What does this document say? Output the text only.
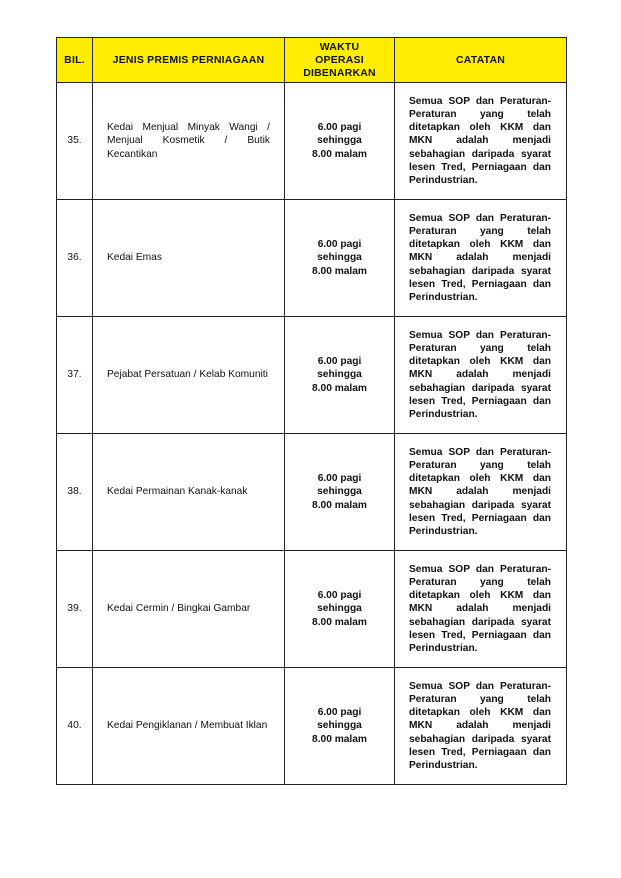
BIL.	JENIS PREMIS PERNIAGAAN	WAKTU OPERASI DIBENARKAN	CATATAN
35.	Kedai Menjual Minyak Wangi / Menjual Kosmetik / Butik Kecantikan	6.00 pagi
sehingga
8.00 malam	Semua SOP dan Peraturan-Peraturan yang telah ditetapkan oleh KKM dan MKN adalah menjadi sebahagian daripada syarat lesen Tred, Perniagaan dan Perindustrian.

36.	Kedai Emas	6.00 pagi
sehingga
8.00 malam	Semua SOP dan Peraturan-Peraturan yang telah ditetapkan oleh KKM dan MKN adalah menjadi sebahagian daripada syarat lesen Tred, Perniagaan dan Perindustrian.

37.	Pejabat Persatuan / Kelab Komuniti	6.00 pagi
sehingga
8.00 malam	Semua SOP dan Peraturan-Peraturan yang telah ditetapkan oleh KKM dan MKN adalah menjadi sebahagian daripada syarat lesen Tred, Perniagaan dan Perindustrian.

38.	Kedai Permainan Kanak-kanak	6.00 pagi
sehingga
8.00 malam	Semua SOP dan Peraturan-Peraturan yang telah ditetapkan oleh KKM dan MKN adalah menjadi sebahagian daripada syarat lesen Tred, Perniagaan dan Perindustrian.

39.	Kedai Cermin / Bingkai Gambar	6.00 pagi
sehingga
8.00 malam	Semua SOP dan Peraturan-Peraturan yang telah ditetapkan oleh KKM dan MKN adalah menjadi sebahagian daripada syarat lesen Tred, Perniagaan dan Perindustrian.

40.	Kedai Pengiklanan / Membuat Iklan	6.00 pagi
sehingga
8.00 malam	Semua SOP dan Peraturan-Peraturan yang telah ditetapkan oleh KKM dan MKN adalah menjadi sebahagian daripada syarat lesen Tred, Perniagaan dan Perindustrian.
